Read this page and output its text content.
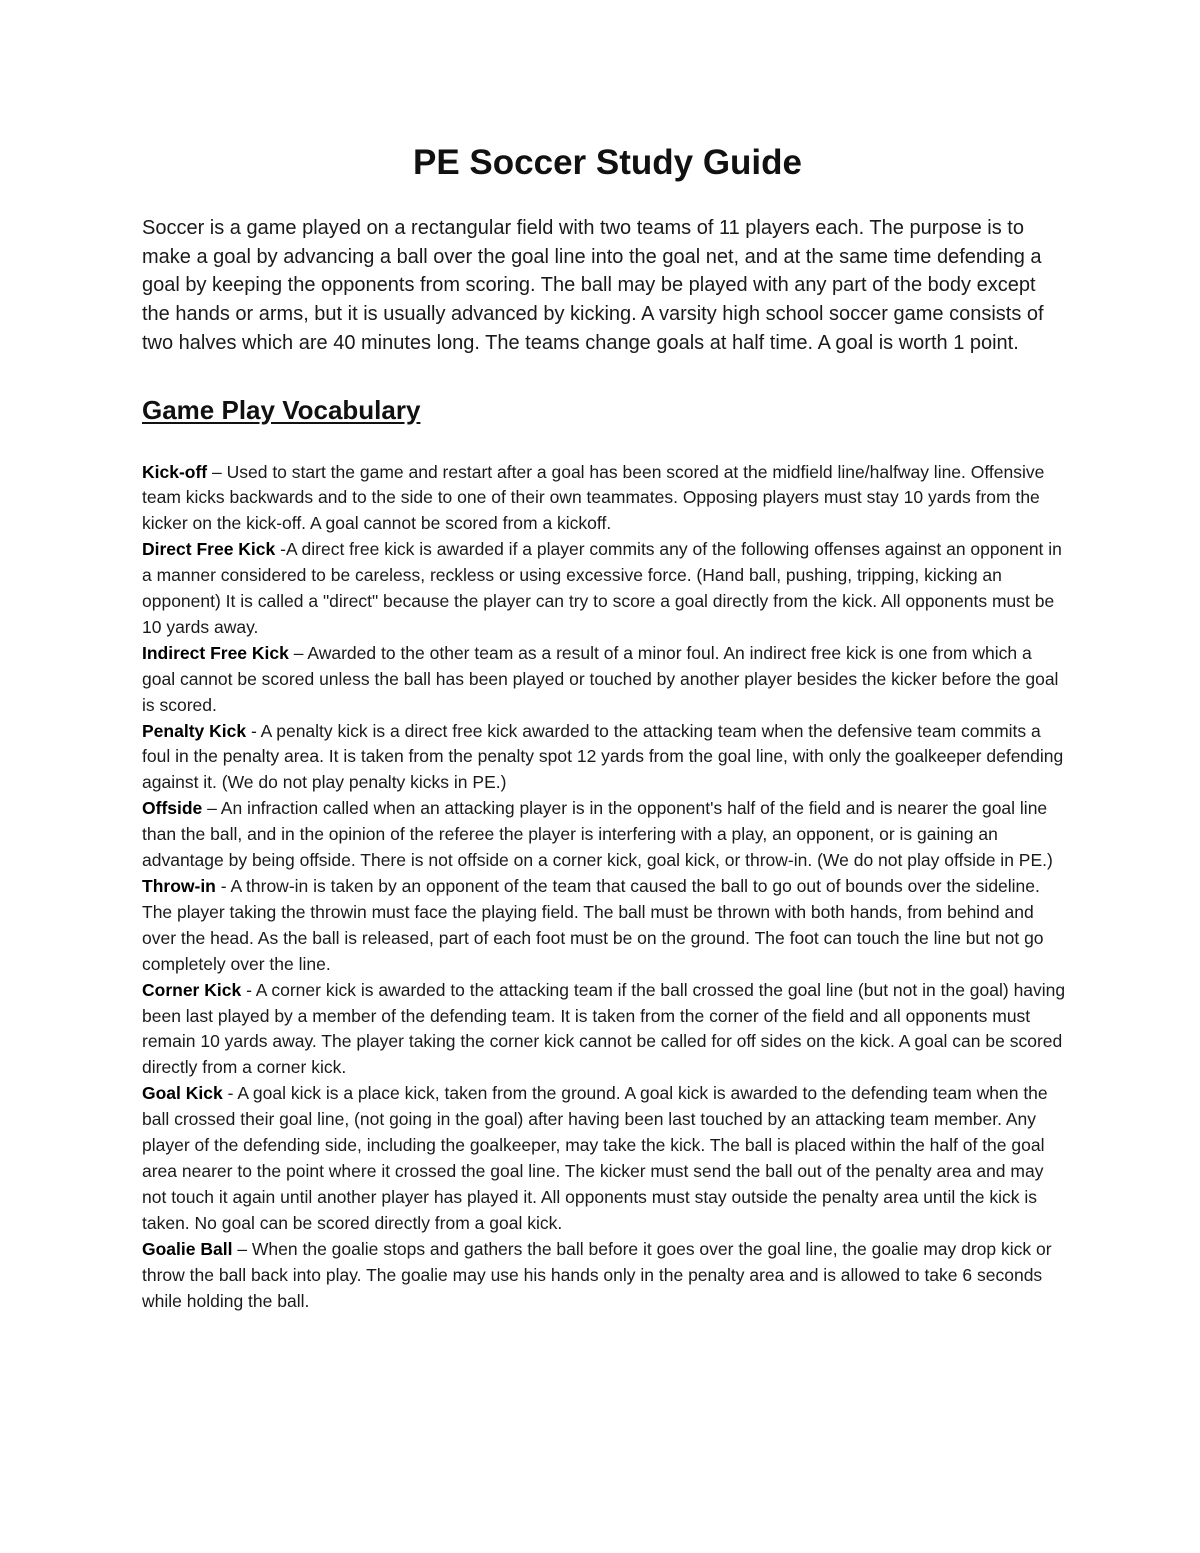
PE Soccer Study Guide

Soccer is a game played on a rectangular field with two teams of 11 players each. The purpose is to make a goal by advancing a ball over the goal line into the goal net, and at the same time defending a goal by keeping the opponents from scoring. The ball may be played with any part of the body except the hands or arms, but it is usually advanced by kicking. A varsity high school soccer game consists of two halves which are 40 minutes long. The teams change goals at half time. A goal is worth 1 point.

Game Play Vocabulary

Kick-off – Used to start the game and restart after a goal has been scored at the midfield line/halfway line. Offensive team kicks backwards and to the side to one of their own teammates. Opposing players must stay 10 yards from the kicker on the kick-off. A goal cannot be scored from a kickoff.

Direct Free Kick -A direct free kick is awarded if a player commits any of the following offenses against an opponent in a manner considered to be careless, reckless or using excessive force. (Hand ball, pushing, tripping, kicking an opponent) It is called a "direct" because the player can try to score a goal directly from the kick. All opponents must be 10 yards away.

Indirect Free Kick – Awarded to the other team as a result of a minor foul. An indirect free kick is one from which a goal cannot be scored unless the ball has been played or touched by another player besides the kicker before the goal is scored.

Penalty Kick - A penalty kick is a direct free kick awarded to the attacking team when the defensive team commits a foul in the penalty area. It is taken from the penalty spot 12 yards from the goal line, with only the goalkeeper defending against it. (We do not play penalty kicks in PE.)

Offside – An infraction called when an attacking player is in the opponent's half of the field and is nearer the goal line than the ball, and in the opinion of the referee the player is interfering with a play, an opponent, or is gaining an advantage by being offside. There is not offside on a corner kick, goal kick, or throw-in. (We do not play offside in PE.)

Throw-in - A throw-in is taken by an opponent of the team that caused the ball to go out of bounds over the sideline. The player taking the throwin must face the playing field. The ball must be thrown with both hands, from behind and over the head. As the ball is released, part of each foot must be on the ground. The foot can touch the line but not go completely over the line.

Corner Kick - A corner kick is awarded to the attacking team if the ball crossed the goal line (but not in the goal) having been last played by a member of the defending team. It is taken from the corner of the field and all opponents must remain 10 yards away. The player taking the corner kick cannot be called for off sides on the kick. A goal can be scored directly from a corner kick.

Goal Kick - A goal kick is a place kick, taken from the ground. A goal kick is awarded to the defending team when the ball crossed their goal line, (not going in the goal) after having been last touched by an attacking team member. Any player of the defending side, including the goalkeeper, may take the kick. The ball is placed within the half of the goal area nearer to the point where it crossed the goal line. The kicker must send the ball out of the penalty area and may not touch it again until another player has played it. All opponents must stay outside the penalty area until the kick is taken. No goal can be scored directly from a goal kick.

Goalie Ball – When the goalie stops and gathers the ball before it goes over the goal line, the goalie may drop kick or throw the ball back into play. The goalie may use his hands only in the penalty area and is allowed to take 6 seconds while holding the ball.
